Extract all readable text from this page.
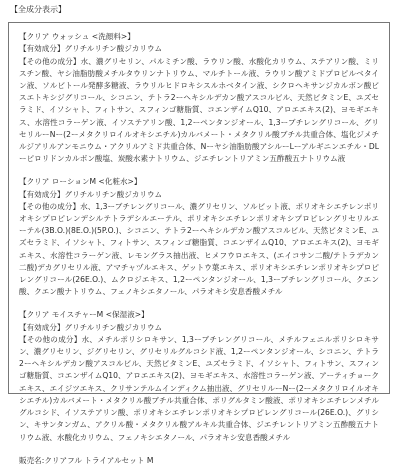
【全成分表示】
【クリア ウォッシュ <洗顔料>】
【有効成分】グリチルリチン酸ジカリウム

【その他の成分】水、濃グリセリン、パルミチン酸、ラウリン酸、水酸化カリウム、ステアリン酸、ミリスチン酸、ヤシ油脂肪酸メチルタウリンナトリウム、マルチトール液、ラウリン酸アミドプロピルベタイン液、ソルビトール発酵多糖液、ラウリルヒドロキシスルホベタイン液、シクロヘキサンジカルボン酸ビスエトキシジグリコール、シコニン、テトラ2ーヘキシルデカン酸アスコルビル、天然ビタミンE、ユズセラミド、イソシャト、フィトサン、スフィンゴ糖脂質、コエンザイムQ10、アロエエキス(2)、ヨモギエキス、水溶性コラーゲン液、イソステアリン酸、1,2ーペンタンジオール、1,3ーブチレングリコール、グリセリルーNー(2ーメタクリロイルオキシエチル)カルバメート・メタクリル酸ブチル共重合体、塩化ジメチルジアリルアンモニウム・アクリルアミド共重合体、Nーヤシ油脂肪酸アシルーLーアルギニンエチル・DLーピロリドンカルボン酸塩、炭酸水素ナトリウム、ジエチレントリアミン五酢酸五ナトリウム液

【クリア ローションM <化粧水>】
【有効成分】グリチルリチン酸ジカリウム

【その他の成分】水、1,3ーブチレングリコール、濃グリセリン、ソルビット液、ポリオキシエチレンポリオキシプロピレンデシルテトラデシルエーテル、ポリオキシエチレンポリオキシプロピレングリセリルエーテル(3B.O.)(8E.O.)(5P.O.)、シコニン、テトラ2ーヘキシルデカン酸アスコルビル、天然ビタミンE、ユズセラミド、イソシャト、フィトサン、スフィンゴ糖脂質、コエンザイムQ10、アロエエキス(2)、ヨモギエキス、水溶性コラーゲン液、レモングラス抽出液、ヒメフウロエキス、(エイコサン二酸/テトラデカン二酸)デカグリセリル液、アマチャヅルエキス、ゲットウ葉エキス、ポリオキシエチレンポリオキシプロピレングリコール(26E.O.)、ムクロジエキス、1,2ーペンタンジオール、1,3ーブチレングリコール、クエン酸、クエン酸ナトリウム、フェノキシエタノール、パラオキシ安息香酸メチル

【クリア モイスチャーM <保湿液>】
【有効成分】グリチルリチン酸ジカリウム

【その他の成分】水、メチルポリシロキサン、1,3ーブチレングリコール、メチルフェニルポリシロキサン、濃グリセリン、ジグリセリン、グリセリルグルコシド液、1,2ーペンタンジオール、シコニン、テトラ2ーヘキシルデカン酸アスコルビル、天然ビタミンE、ユズセラミド、イソシャト、フィトサン、スフィンゴ糖脂質、コエンザイムQ10、アロエエキス(2)、ヨモギエキス、水溶性コラーゲン液、アーティチョークエキス、エイジツエキス、クリサンテルムインディクム抽出液、グリセリルーNー(2ーメタクリロイルオキシエチル)カルバメート・メタクリル酸ブチル共重合体、ポリグルタミン酸液、ポリオキシエチレンメチルグルコシド、イソステアリン酸、ポリオキシエチレンポリオキシプロピレングリコール(26E.O.)、グリシン、キサンタンガム、アクリル酸・メタクリル酸アルキル共重合体、ジエチレントリアミン五酢酸五ナトリウム液、水酸化カリウム、フェノキシエタノール、パラオキシ安息香酸メチル

販売名:クリアフル トライアルセット M
